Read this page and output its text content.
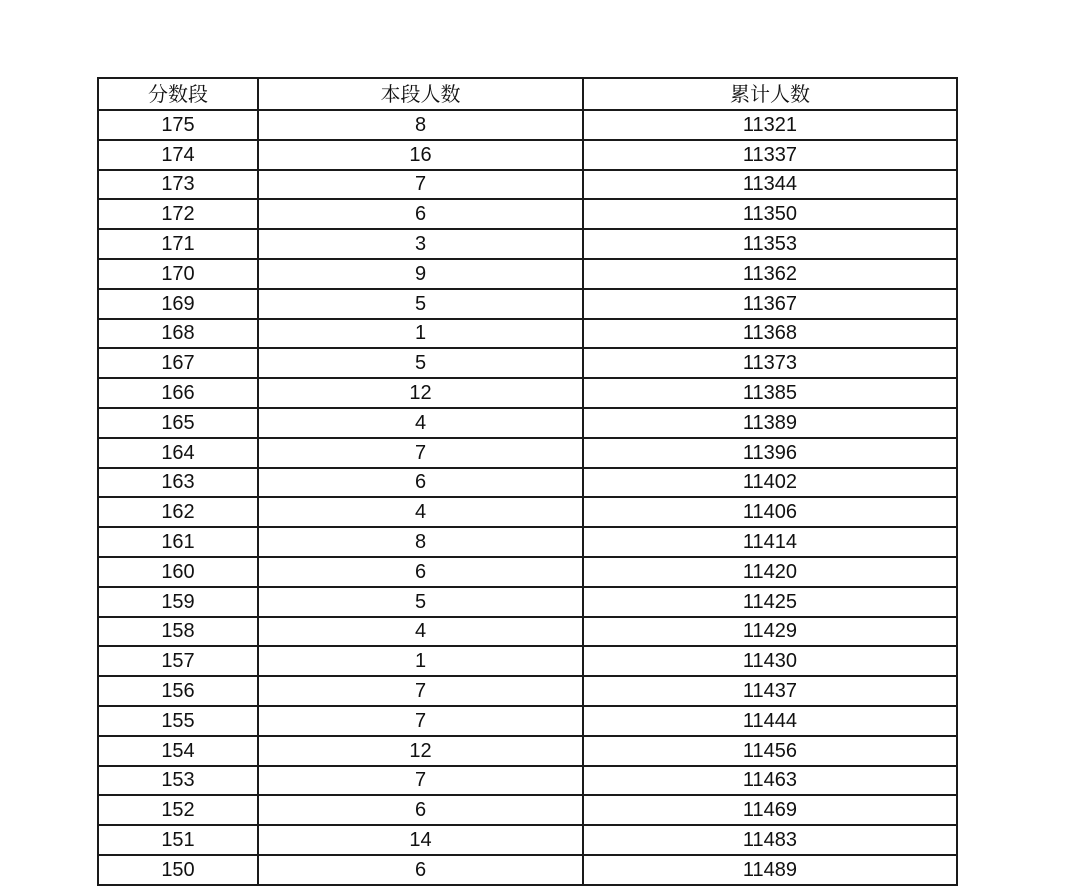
分数段	本段人数	累计人数
175	8	11321
174	16	11337
173	7	11344
172	6	11350
171	3	11353
170	9	11362
169	5	11367
168	1	11368
167	5	11373
166	12	11385
165	4	11389
164	7	11396
163	6	11402
162	4	11406
161	8	11414
160	6	11420
159	5	11425
158	4	11429
157	1	11430
156	7	11437
155	7	11444
154	12	11456
153	7	11463
152	6	11469
151	14	11483
150	6	11489
